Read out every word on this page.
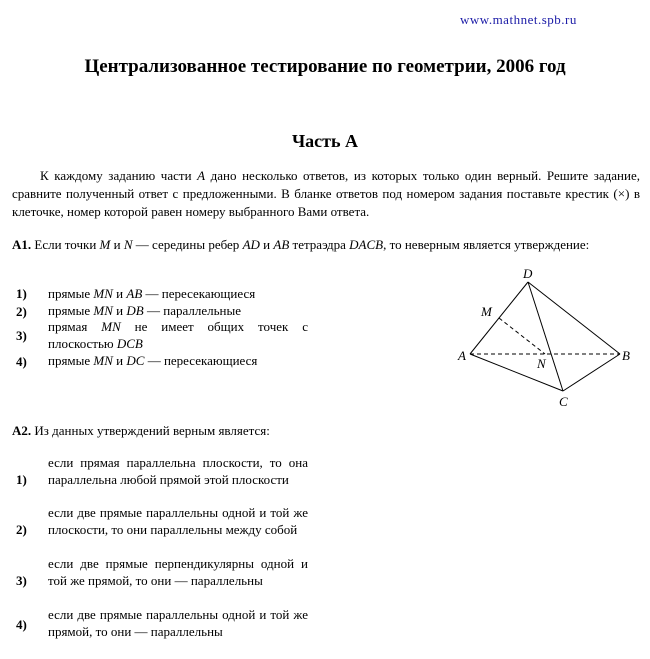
www.mathnet.spb.ru
Централизованное тестирование по геометрии, 2006 год
Часть А
К каждому заданию части А дано несколько ответов, из которых только один верный. Решите задание, сравните полученный ответ с предложенными. В бланке ответов под номером задания поставьте крестик (×) в клеточке, номер которой равен номеру выбранного Вами ответа.
A1. Если точки M и N — середины ребер AD и AB тетраэдра DACB, то неверным является утверждение:
1) прямые MN и AB — пересекающиеся
2) прямые MN и DB — параллельные
3)
прямая MN не имеет общих точек с плоскостью DCB
4) прямые MN и DC — пересекающиеся
D
M
A
N
B
C
A2. Из данных утверждений верным является:
1)
если прямая параллельна плоскости, то она параллельна любой прямой этой плоскости
2)
если две прямые параллельны одной и той же плоскости, то они параллельны между собой
3)
если две прямые перпендикулярны одной и той же прямой, то они — параллельны
4)
если две прямые параллельны одной и той же прямой, то они — параллельны
